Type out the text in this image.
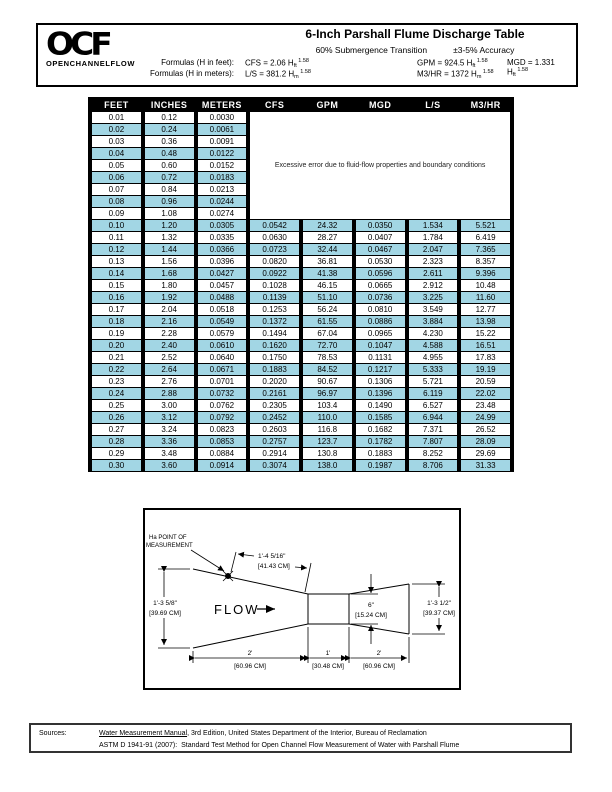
OCF
OPENCHANNELFLOW
6-Inch Parshall Flume Discharge Table
60% Submergence Transition	±3-5% Accuracy
Formulas (H in feet): CFS = 2.06 $H_{ft}^{1.58}$	GPM = 924.5 $H_{ft}^{1.58}$ MGD = 1.331 $H_{ft}^{1.58}$
Formulas (H in meters): L/S = 381.2 $H_m^{1.58}$	M3/HR = 1372 $H_m^{1.58}$
FEET	INCHES	METERS	CFS	GPM	MGD	L/S	M3/HR
0.01	0.12	0.0030	Excessive error due to fluid-flow properties and boundary conditions				
0.02	0.24	0.0061					
0.03	0.36	0.0091					
0.04	0.48	0.0122					
0.05	0.60	0.0152					
0.06	0.72	0.0183					
0.07	0.84	0.0213					
0.08	0.96	0.0244					
0.09	1.08	0.0274					
0.10	1.20	0.0305	0.0542	24.32	0.0350	1.534	5.521
0.11	1.32	0.0335	0.0630	28.27	0.0407	1.784	6.419
0.12	1.44	0.0366	0.0723	32.44	0.0467	2.047	7.365
0.13	1.56	0.0396	0.0820	36.81	0.0530	2.323	8.357
0.14	1.68	0.0427	0.0922	41.38	0.0596	2.611	9.396
0.15	1.80	0.0457	0.1028	46.15	0.0665	2.912	10.48
0.16	1.92	0.0488	0.1139	51.10	0.0736	3.225	11.60
0.17	2.04	0.0518	0.1253	56.24	0.0810	3.549	12.77
0.18	2.16	0.0549	0.1372	61.55	0.0886	3.884	13.98
0.19	2.28	0.0579	0.1494	67.04	0.0965	4.230	15.22
0.20	2.40	0.0610	0.1620	72.70	0.1047	4.588	16.51
0.21	2.52	0.0640	0.1750	78.53	0.1131	4.955	17.83
0.22	2.64	0.0671	0.1883	84.52	0.1217	5.333	19.19
0.23	2.76	0.0701	0.2020	90.67	0.1306	5.721	20.59
0.24	2.88	0.0732	0.2161	96.97	0.1396	6.119	22.02
0.25	3.00	0.0762	0.2305	103.4	0.1490	6.527	23.48
0.26	3.12	0.0792	0.2452	110.0	0.1585	6.944	24.99
0.27	3.24	0.0823	0.2603	116.8	0.1682	7.371	26.52
0.28	3.36	0.0853	0.2757	123.7	0.1782	7.807	28.09
0.29	3.48	0.0884	0.2914	130.8	0.1883	8.252	29.69
0.30	3.60	0.0914	0.3074	138.0	0.1987	8.706	31.33
1'-3 5/8"
[39.69 CM]
1'-3 1/2"
[39.37 CM]
6"
[15.24 CM]
2'
[60.96 CM]
1'
[30.48 CM]
2'
[60.96 CM]
Ha POINT OF
MEASUREMENT
1'-4 5/16"
[41.43 CM]
FLOW
Sources:	Water Measurement Manual, 3rd Edition, United States Department of the Interior, Bureau of Reclamation
ASTM D 1941-91 (2007):  Standard Test Method for Open Channel Flow Measurement of Water with Parshall Flume
